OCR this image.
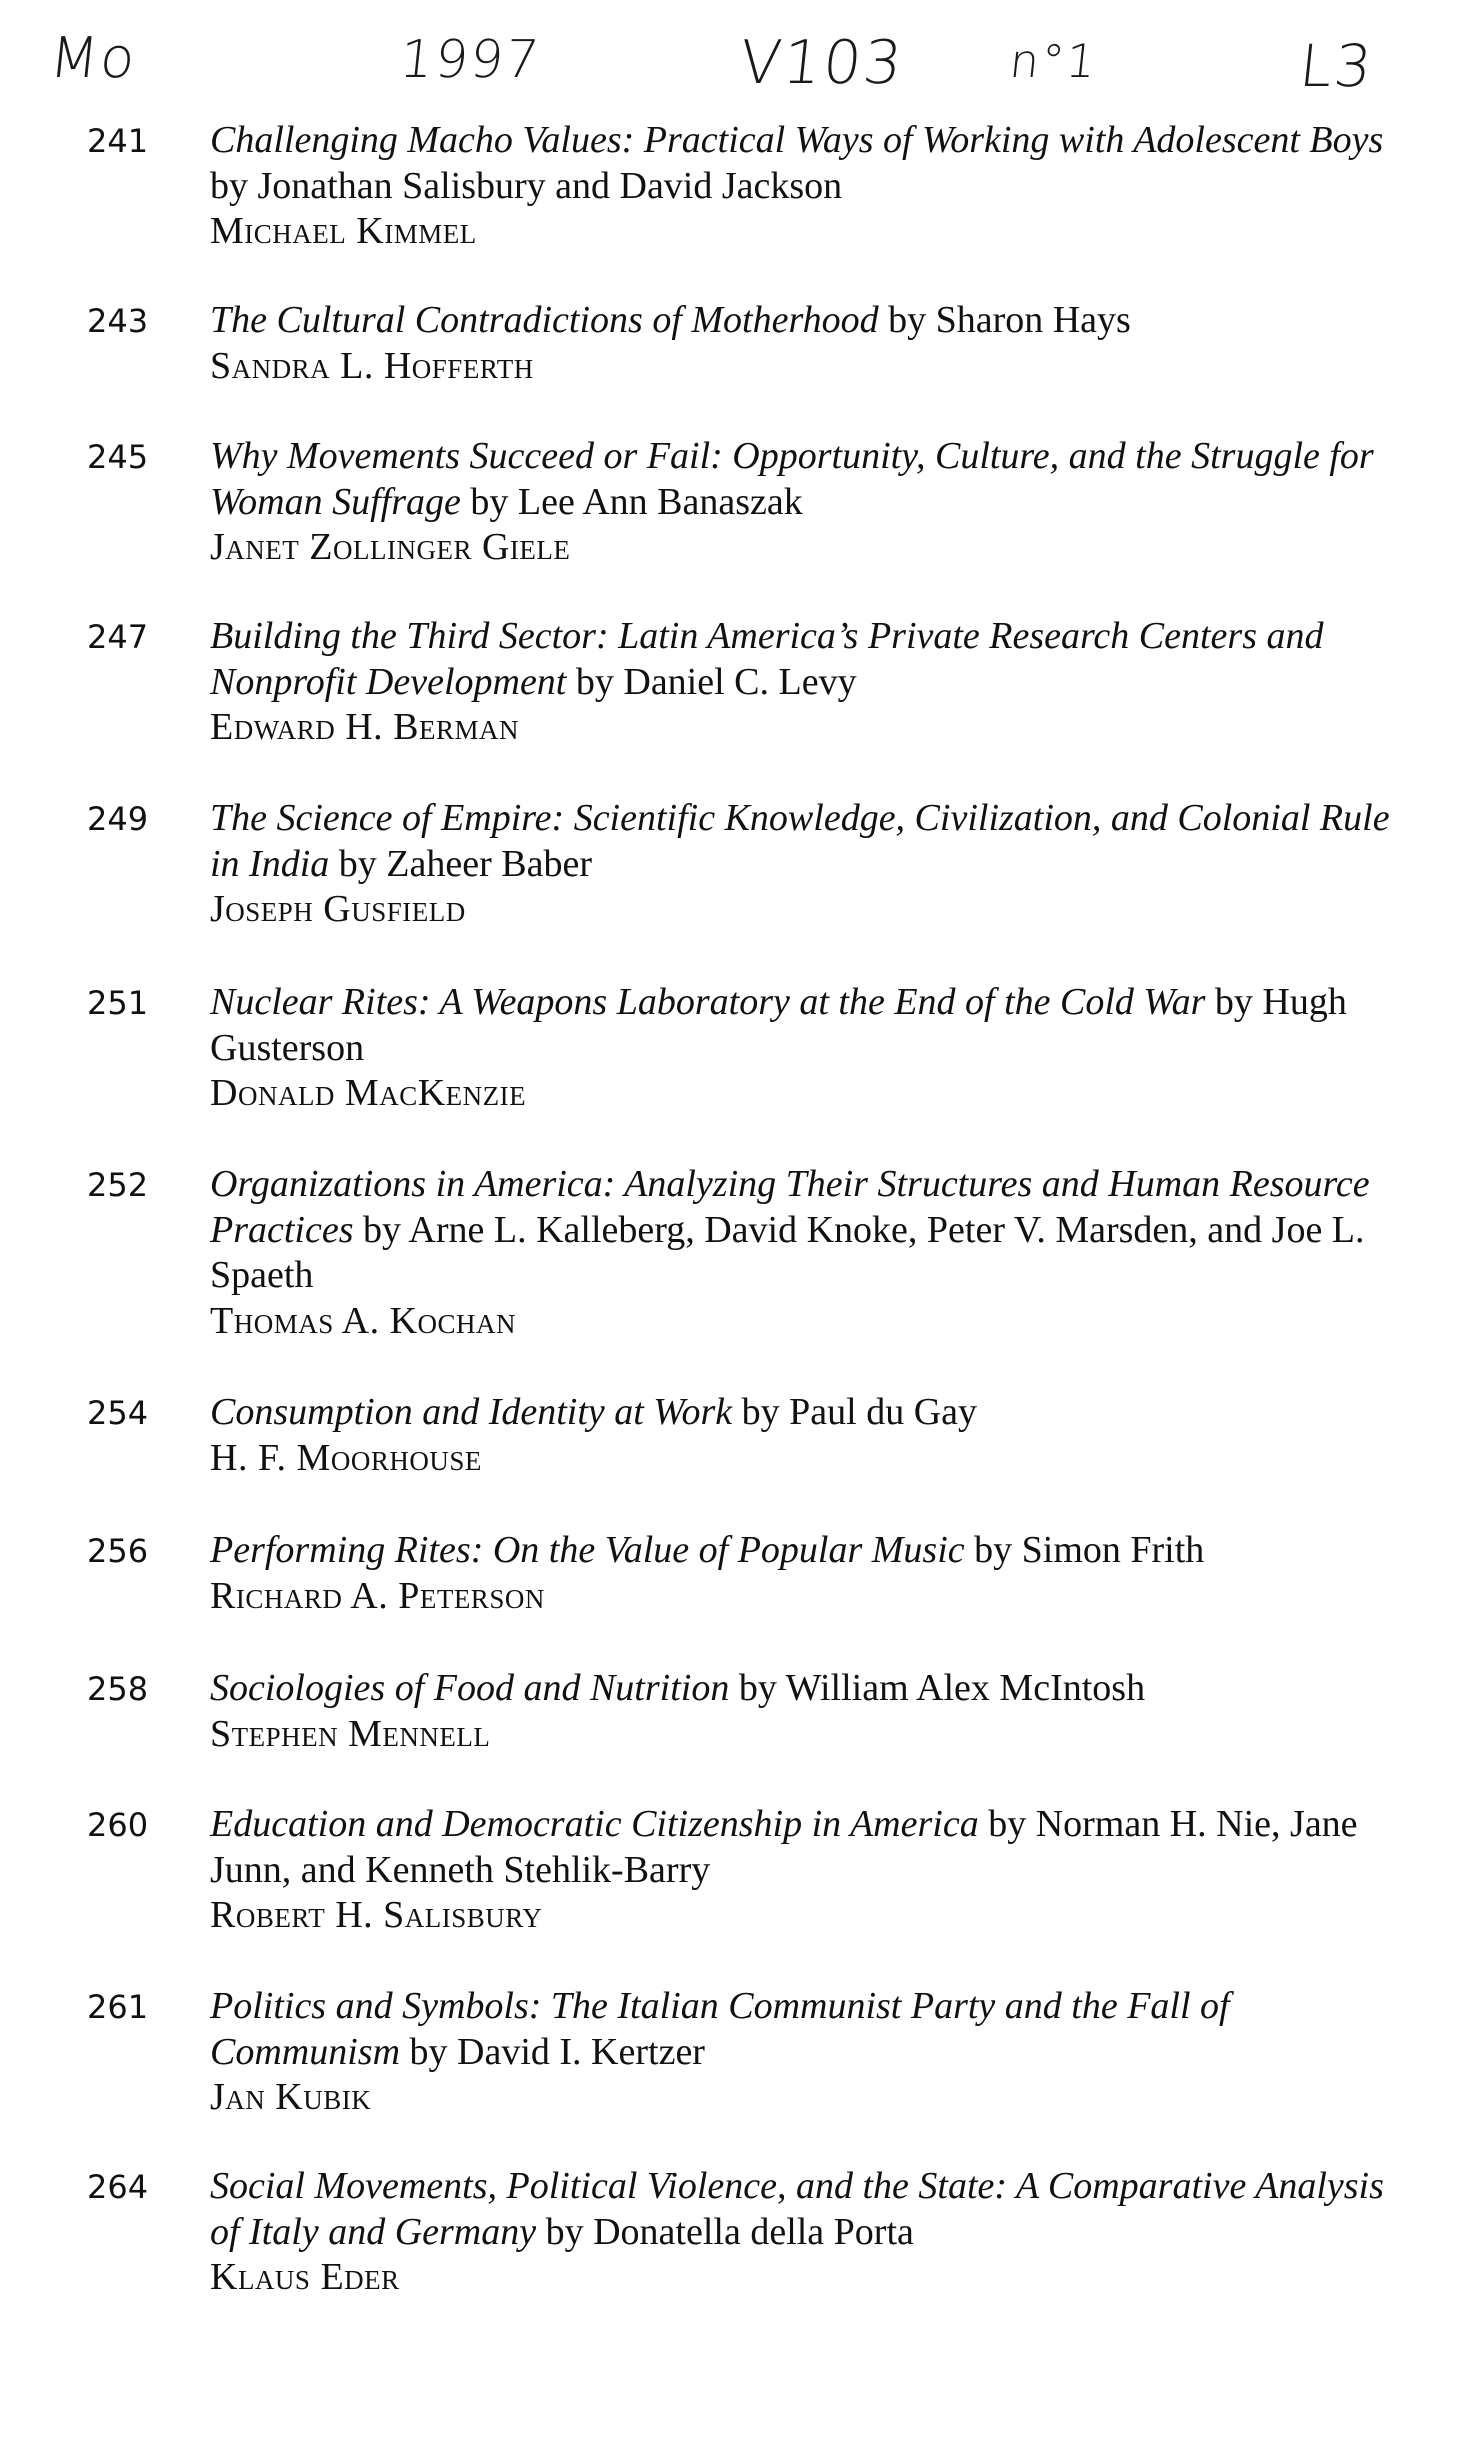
Mo	1997	V103 n°1	L3
241	Challenging Macho Values: Practical Ways of Working with Adolescent Boys by Jonathan Salisbury and David Jackson
Michael Kimmel
243	The Cultural Contradictions of Motherhood by Sharon Hays
Sandra L. Hofferth
245	Why Movements Succeed or Fail: Opportunity, Culture, and the Struggle for Woman Suffrage by Lee Ann Banaszak
Janet Zollinger Giele
247	Building the Third Sector: Latin America’s Private Research Centers and Nonprofit Development by Daniel C. Levy
Edward H. Berman
249	The Science of Empire: Scientific Knowledge, Civilization, and Colonial Rule in India by Zaheer Baber
Joseph Gusfield
251	Nuclear Rites: A Weapons Laboratory at the End of the Cold War by Hugh Gusterson
Donald MacKenzie
252	Organizations in America: Analyzing Their Structures and Human Resource Practices by Arne L. Kalleberg, David Knoke, Peter V. Marsden, and Joe L. Spaeth
Thomas A. Kochan
254	Consumption and Identity at Work by Paul du Gay
H. F. Moorhouse
256	Performing Rites: On the Value of Popular Music by Simon Frith
Richard A. Peterson
258	Sociologies of Food and Nutrition by William Alex McIntosh
Stephen Mennell
260	Education and Democratic Citizenship in America by Norman H. Nie, Jane Junn, and Kenneth Stehlik-Barry
Robert H. Salisbury
261	Politics and Symbols: The Italian Communist Party and the Fall of Communism by David I. Kertzer
Jan Kubik
264	Social Movements, Political Violence, and the State: A Comparative Analysis of Italy and Germany by Donatella della Porta
Klaus Eder
